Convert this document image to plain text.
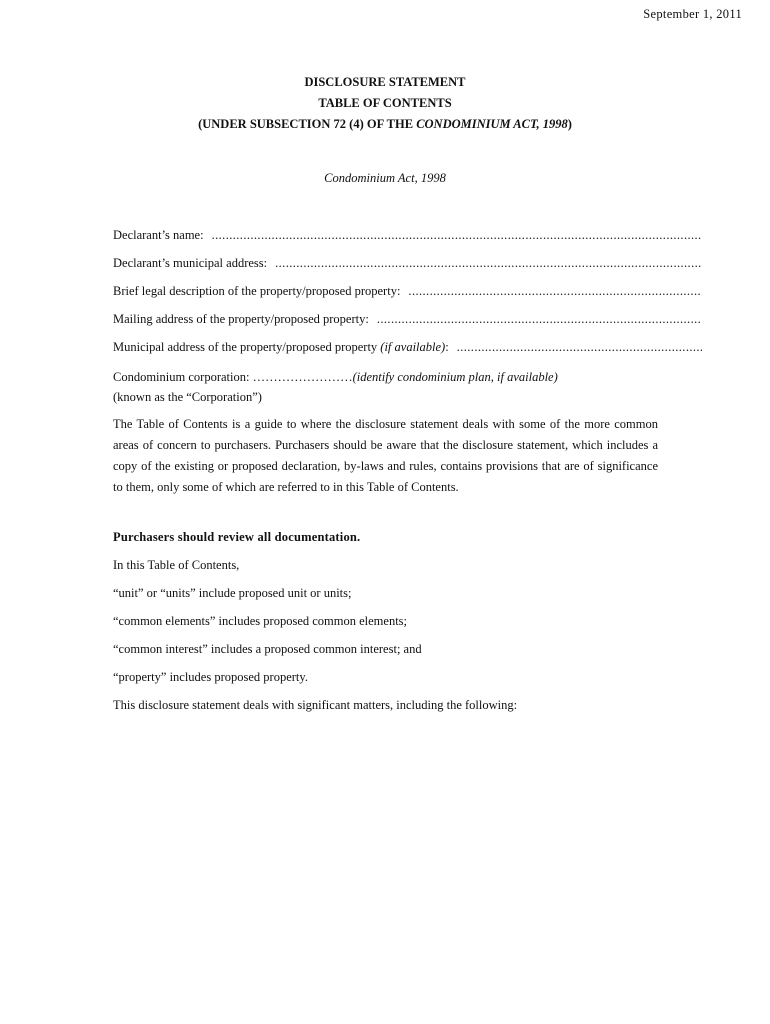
September 1, 2011
DISCLOSURE STATEMENT
TABLE OF CONTENTS
(UNDER SUBSECTION 72 (4) OF THE CONDOMINIUM ACT, 1998)
Condominium Act, 1998
Declarant’s name:
.....
Declarant’s municipal address:
.....
Brief legal description of the property/proposed property:
.....
Mailing address of the property/proposed property:
.....
Municipal address of the property/proposed property (if available):
.....
Condominium corporation: ……………………(identify condominium plan, if available)
(known as the “Corporation”)
The Table of Contents is a guide to where the disclosure statement deals with some of the more common areas of concern to purchasers. Purchasers should be aware that the disclosure statement, which includes a copy of the existing or proposed declaration, by-laws and rules, contains provisions that are of significance to them, only some of which are referred to in this Table of Contents.
Purchasers should review all documentation.
In this Table of Contents,
“unit” or “units” include proposed unit or units;
“common elements” includes proposed common elements;
“common interest” includes a proposed common interest; and
“property” includes proposed property.
This disclosure statement deals with significant matters, including the following:
